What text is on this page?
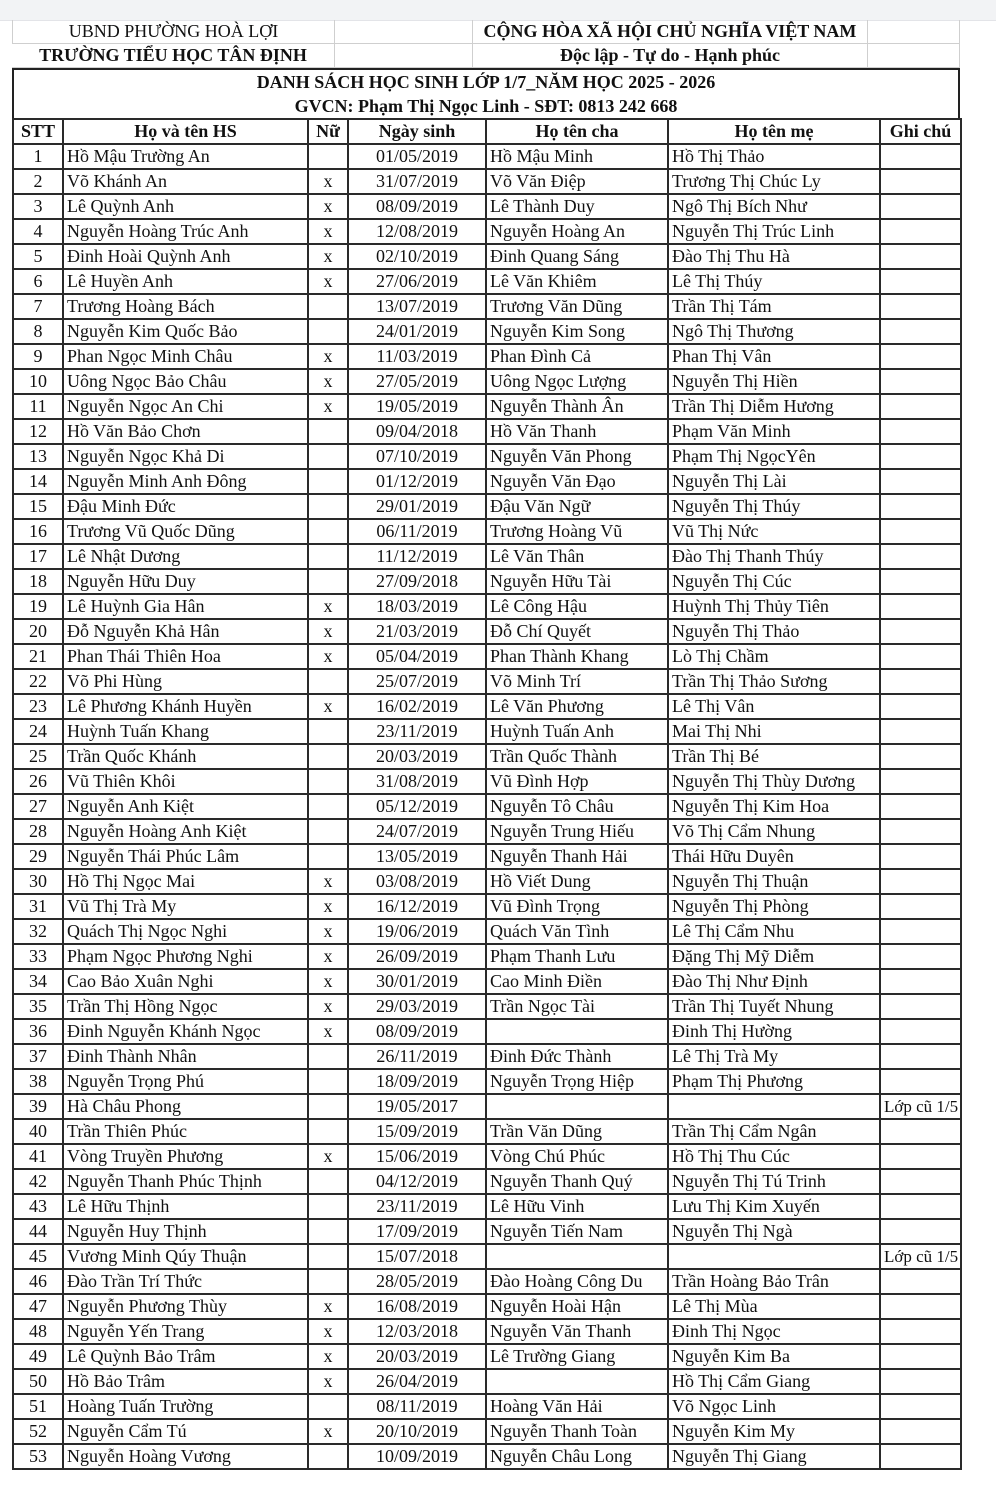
UBND PHƯỜNG HOÀ LỢI	CỘNG HÒA XÃ HỘI CHỦ NGHĨA VIỆT NAM
TRƯỜNG TIỂU HỌC TÂN ĐỊNH	Độc lập - Tự do - Hạnh phúc
DANH SÁCH HỌC SINH LỚP 1/7_NĂM HỌC 2025 - 2026
GVCN: Phạm Thị Ngọc Linh - SĐT: 0813 242 668
STT	Họ và tên HS	Nữ	Ngày sinh	Họ tên cha	Họ tên mẹ	Ghi chú
1	Hồ Mậu Trường An		01/05/2019	Hồ Mậu Minh	Hồ Thị Thảo	
2	Võ Khánh An	x	31/07/2019	Võ Văn Điệp	Trương Thị Chúc Ly	
3	Lê Quỳnh Anh	x	08/09/2019	Lê Thành Duy	Ngô Thị Bích Như	
4	Nguyễn Hoàng Trúc Anh	x	12/08/2019	Nguyễn Hoàng An	Nguyễn Thị Trúc Linh	
5	Đinh Hoài Quỳnh Anh	x	02/10/2019	Đinh Quang Sáng	Đào Thị Thu Hà	
6	Lê Huyền Anh	x	27/06/2019	Lê Văn Khiêm	Lê Thị Thúy	
7	Trương Hoàng Bách		13/07/2019	Trương Văn Dũng	Trần Thị Tám	
8	Nguyễn Kim Quốc Bảo		24/01/2019	Nguyễn Kim Song	Ngô Thị Thương	
9	Phan Ngọc Minh Châu	x	11/03/2019	Phan Đình Cả	Phan Thị Vân	
10	Uông Ngọc Bảo Châu	x	27/05/2019	Uông Ngọc Lượng	Nguyễn Thị Hiền	
11	Nguyễn Ngọc An Chi	x	19/05/2019	Nguyễn Thành Ân	Trần Thị Diễm Hương	
12	Hồ Văn Bảo Chơn		09/04/2018	Hồ Văn Thanh	Phạm Văn Minh	
13	Nguyễn Ngọc Khả Di		07/10/2019	Nguyễn Văn Phong	Phạm Thị NgọcYên	
14	Nguyễn Minh Anh Đông		01/12/2019	Nguyễn Văn Đạo	Nguyễn Thị Lài	
15	Đậu Minh Đức		29/01/2019	Đậu Văn Ngữ	Nguyễn Thị Thúy	
16	Trương Vũ Quốc Dũng		06/11/2019	Trương Hoàng Vũ	Vũ Thị Nức	
17	Lê Nhật Dương		11/12/2019	Lê Văn Thân	Đào Thị Thanh Thúy	
18	Nguyễn Hữu Duy		27/09/2018	Nguyễn Hữu Tài	Nguyễn Thị Cúc	
19	Lê Huỳnh Gia Hân	x	18/03/2019	Lê Công Hậu	Huỳnh Thị Thủy Tiên	
20	Đỗ Nguyễn Khả Hân	x	21/03/2019	Đỗ Chí Quyết	Nguyễn Thị Thảo	
21	Phan Thái Thiên Hoa	x	05/04/2019	Phan Thành Khang	Lò Thị Chầm	
22	Võ Phi Hùng		25/07/2019	Võ Minh Trí	Trần Thị Thảo Sương	
23	Lê Phương Khánh Huyền	x	16/02/2019	Lê Văn Phương	Lê Thị Vân	
24	Huỳnh Tuấn Khang		23/11/2019	Huỳnh Tuấn Anh	Mai Thị Nhi	
25	Trần Quốc Khánh		20/03/2019	Trần Quốc Thành	Trần Thị Bé	
26	Vũ Thiên Khôi		31/08/2019	Vũ Đình Hợp	Nguyễn Thị Thùy Dương	
27	Nguyễn Anh Kiệt		05/12/2019	Nguyễn Tô Châu	Nguyễn Thị Kim Hoa	
28	Nguyễn Hoàng Anh Kiệt		24/07/2019	Nguyễn Trung Hiếu	Võ Thị Cẩm Nhung	
29	Nguyễn Thái Phúc Lâm		13/05/2019	Nguyễn Thanh Hải	Thái Hữu Duyên	
30	Hồ Thị Ngọc Mai	x	03/08/2019	Hồ Viết Dung	Nguyễn Thị Thuận	
31	Vũ Thị Trà My	x	16/12/2019	Vũ Đình Trọng	Nguyễn Thị Phòng	
32	Quách Thị Ngọc Nghi	x	19/06/2019	Quách Văn Tình	Lê Thị Cẩm Nhu	
33	Phạm Ngọc Phương Nghi	x	26/09/2019	Phạm Thanh Lưu	Đặng Thị Mỹ Diễm	
34	Cao Bảo Xuân Nghi	x	30/01/2019	Cao Minh Điền	Đào Thị Như Định	
35	Trần Thị Hồng Ngọc	x	29/03/2019	Trần Ngọc Tài	Trần Thị Tuyết Nhung	
36	Đinh Nguyễn Khánh Ngọc	x	08/09/2019		Đinh Thị Hường	
37	Đinh Thành Nhân		26/11/2019	Đinh Đức Thành	Lê Thị Trà My	
38	Nguyễn Trọng Phú		18/09/2019	Nguyễn Trọng Hiệp	Phạm Thị Phương	
39	Hà Châu Phong		19/05/2017			Lớp cũ 1/5
40	Trần Thiên Phúc		15/09/2019	Trần Văn Dũng	Trần Thị Cẩm Ngân	
41	Vòng Truyền Phương	x	15/06/2019	Vòng Chú Phúc	Hồ Thị Thu Cúc	
42	Nguyễn Thanh Phúc Thịnh		04/12/2019	Nguyễn Thanh Quý	Nguyễn Thị Tú Trinh	
43	Lê Hữu Thịnh		23/11/2019	Lê Hữu Vinh	Lưu Thị Kim Xuyến	
44	Nguyễn Huy Thịnh		17/09/2019	Nguyễn Tiến Nam	Nguyễn Thị Ngà	
45	Vương Minh Qúy Thuận		15/07/2018			Lớp cũ 1/5
46	Đào Trần Trí Thức		28/05/2019	Đào Hoàng Công Du	Trần Hoàng Bảo Trân	
47	Nguyễn Phương Thùy	x	16/08/2019	Nguyễn Hoài Hận	Lê Thị Mùa	
48	Nguyễn Yến Trang	x	12/03/2018	Nguyễn Văn Thanh	Đinh Thị Ngọc	
49	Lê Quỳnh Bảo Trâm	x	20/03/2019	Lê Trường Giang	Nguyễn Kim Ba	
50	Hồ Bảo Trâm	x	26/04/2019		Hồ Thị Cẩm Giang	
51	Hoàng Tuấn Trường		08/11/2019	Hoàng Văn Hải	Võ Ngọc Linh	
52	Nguyễn Cẩm Tú	x	20/10/2019	Nguyễn Thanh Toàn	Nguyễn Kim My	
53	Nguyễn Hoàng Vương		10/09/2019	Nguyễn Châu Long	Nguyễn Thị Giang	
